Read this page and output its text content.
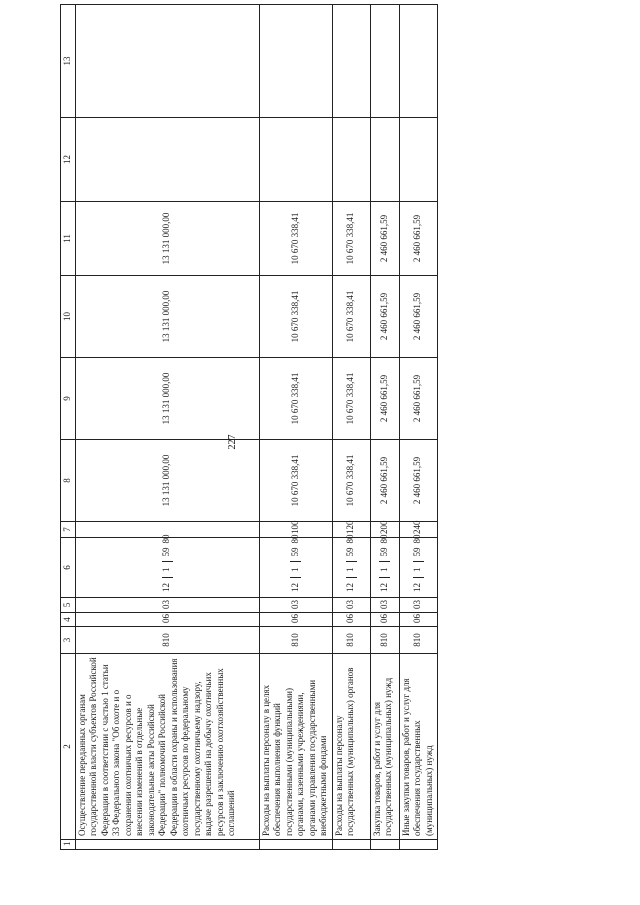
227
1	2	3	4	5	6	7	8	9	10	11	12	13
	Осуществление переданных органам государственной власти субъектов Российской Федерации в соответствии с частью 1 статьи 33 Федерального закона "Об охоте и о сохранении охотничьих ресурсов и о внесении изменений в отдельные законодательные акты Российской Федерации" полномочий Российской Федерации в области охраны и использования охотничьих ресурсов по федеральному государственному охотничьему надзору, выдаче разрешений на добычу охотничьих ресурсов и заключению охотхозяйственных соглашений	810	06	03	1215980		13 131 000,00	13 131 000,00	13 131 000,00	13 131 000,00		
	Расходы на выплаты персоналу в целях обеспечения выполнения функций государственными (муниципальными) органами, казенными учреждениями, органами управления государственными внебюджетными фондами	810	06	03	1215980	100	10 670 338,41	10 670 338,41	10 670 338,41	10 670 338,41		
	Расходы на выплаты персоналу государственных (муниципальных) органов	810	06	03	1215980	120	10 670 338,41	10 670 338,41	10 670 338,41	10 670 338,41		
	Закупка товаров, работ и услуг для государственных (муниципальных) нужд	810	06	03	1215980	200	2 460 661,59	2 460 661,59	2 460 661,59	2 460 661,59		
	Иные закупки товаров, работ и услуг для обеспечения государственных (муниципальных) нужд	810	06	03	1215980	240	2 460 661,59	2 460 661,59	2 460 661,59	2 460 661,59		
